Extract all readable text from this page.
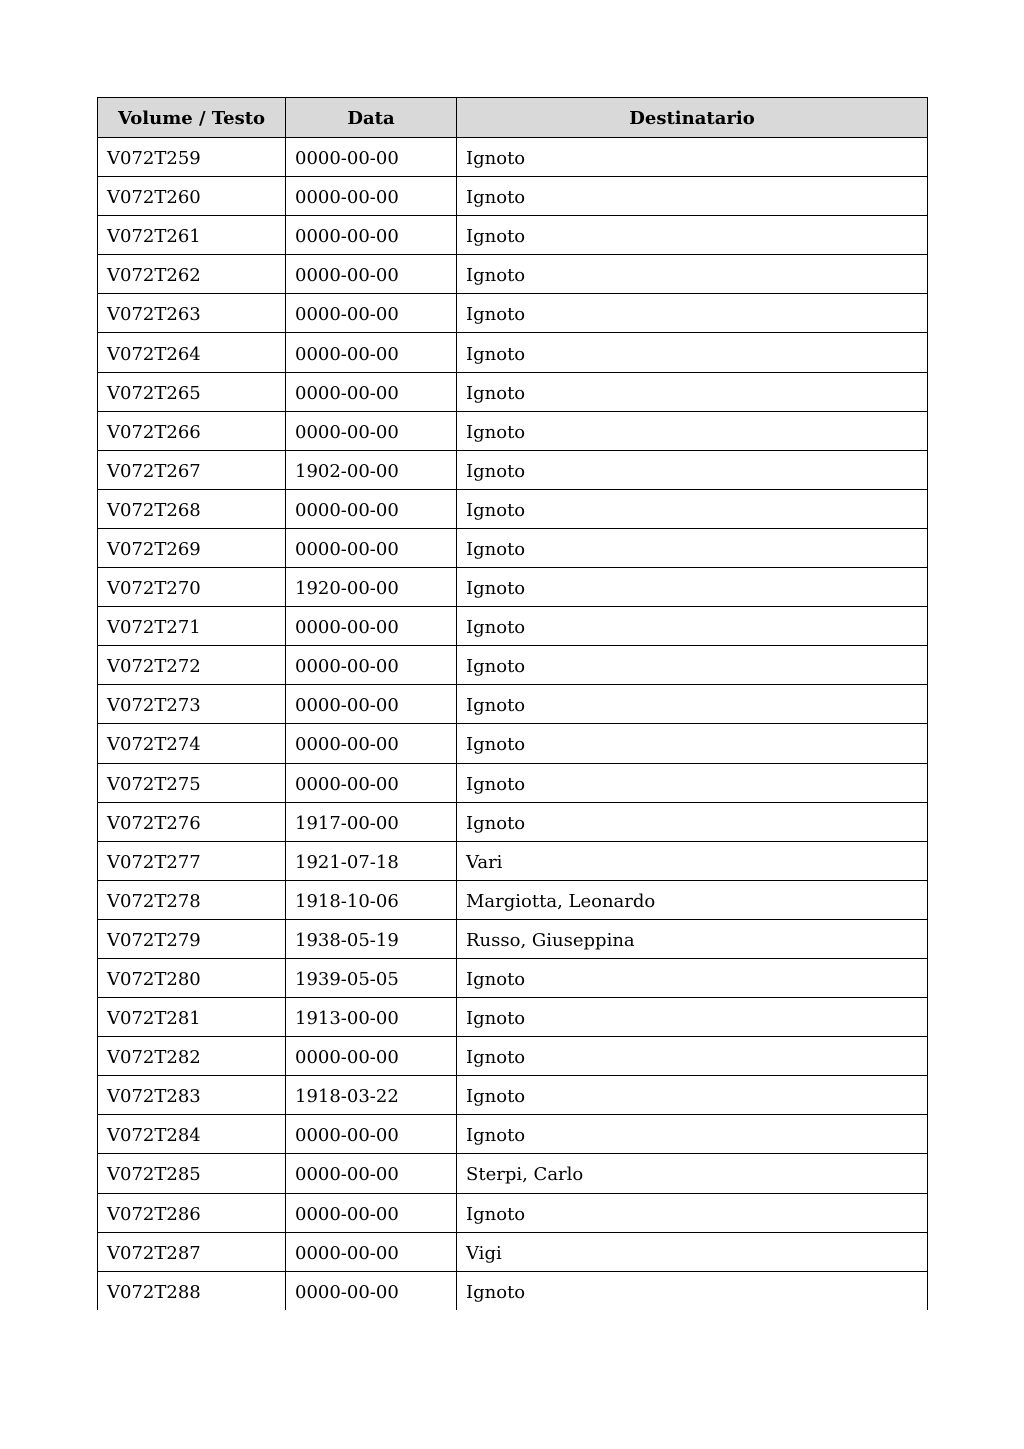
Volume / Testo	Data	Destinatario
V072T259	0000-00-00	Ignoto
V072T260	0000-00-00	Ignoto
V072T261	0000-00-00	Ignoto
V072T262	0000-00-00	Ignoto
V072T263	0000-00-00	Ignoto
V072T264	0000-00-00	Ignoto
V072T265	0000-00-00	Ignoto
V072T266	0000-00-00	Ignoto
V072T267	1902-00-00	Ignoto
V072T268	0000-00-00	Ignoto
V072T269	0000-00-00	Ignoto
V072T270	1920-00-00	Ignoto
V072T271	0000-00-00	Ignoto
V072T272	0000-00-00	Ignoto
V072T273	0000-00-00	Ignoto
V072T274	0000-00-00	Ignoto
V072T275	0000-00-00	Ignoto
V072T276	1917-00-00	Ignoto
V072T277	1921-07-18	Vari
V072T278	1918-10-06	Margiotta, Leonardo
V072T279	1938-05-19	Russo, Giuseppina
V072T280	1939-05-05	Ignoto
V072T281	1913-00-00	Ignoto
V072T282	0000-00-00	Ignoto
V072T283	1918-03-22	Ignoto
V072T284	0000-00-00	Ignoto
V072T285	0000-00-00	Sterpi, Carlo
V072T286	0000-00-00	Ignoto
V072T287	0000-00-00	Vigi
V072T288	0000-00-00	Ignoto
